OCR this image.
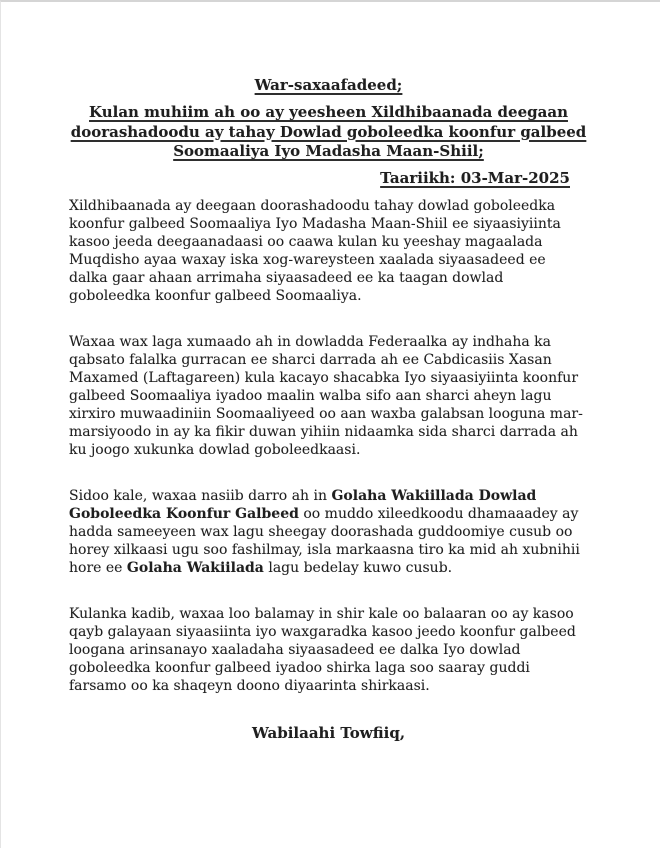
War-saxaafadeed;
Kulan muhiim ah oo ay yeesheen Xildhibaanada deegaan doorashadoodu ay tahay Dowlad goboleedka koonfur galbeed Soomaaliya Iyo Madasha Maan-Shiil;
Taariikh: 03-Mar-2025

Xildhibaanada ay deegaan doorashadoodu tahay dowlad goboleedka koonfur galbeed Soomaaliya Iyo Madasha Maan-Shiil ee siyaasiyiinta kasoo jeeda deegaanadaasi oo caawa kulan ku yeeshay magaalada Muqdisho ayaa waxay iska xog-wareysteen xaalada siyaasadeed ee dalka gaar ahaan arrimaha siyaasadeed ee ka taagan dowlad goboleedka koonfur galbeed Soomaaliya.

Waxaa wax laga xumaado ah in dowladda Federaalka ay indhaha ka qabsato falalka gurracan ee sharci darrada ah ee Cabdicasiis Xasan Maxamed (Laftagareen) kula kacayo shacabka Iyo siyaasiyiinta koonfur galbeed Soomaaliya iyadoo maalin walba sifo aan sharci aheyn lagu xirxiro muwaadiniin Soomaaliyeed oo aan waxba galabsan looguna mar-marsiyoodo in ay ka fikir duwan yihiin nidaamka sida sharci darrada ah  ku joogo xukunka dowlad goboleedkaasi.

Sidoo kale, waxaa nasiib darro ah in Golaha Wakiillada Dowlad Goboleedka Koonfur Galbeed oo muddo xileedkoodu dhamaaadey ay hadda sameeyeen wax lagu sheegay doorashada guddoomiye cusub oo horey xilkaasi ugu soo fashilmay, isla markaasna tiro ka mid ah xubnihii hore ee Golaha Wakiilada lagu bedelay kuwo cusub.

Kulanka kadib, waxaa loo balamay in shir kale oo balaaran oo ay kasoo qayb galayaan siyaasiinta iyo waxgaradka kasoo jeedo koonfur galbeed loogana arinsanayo xaaladaha siyaasadeed ee dalka Iyo dowlad goboleedka koonfur galbeed iyadoo shirka laga soo saaray guddi farsamo oo ka shaqeyn doono diyaarinta shirkaasi.

Wabilaahi Towfiiq,
